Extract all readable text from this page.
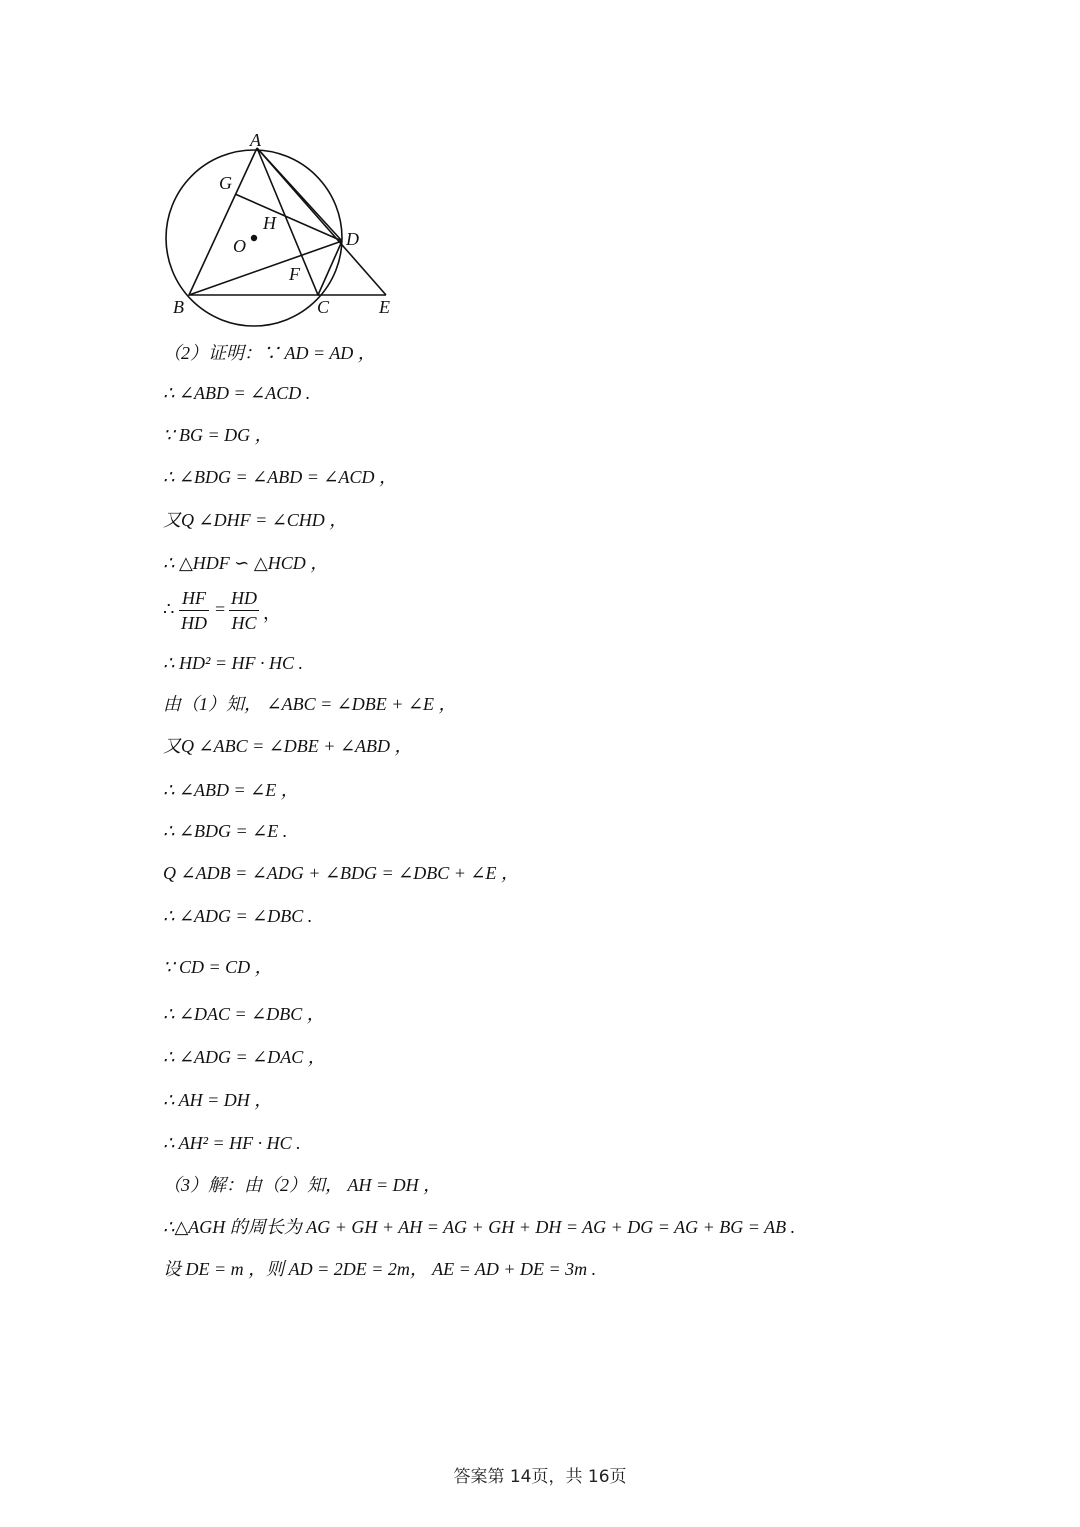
A
G
H
O	D
F
B	C	E
（2）证明：∵ AD = AD ，
∴ ∠ABD = ∠ACD .
∵ BG = DG ，
∴ ∠BDG = ∠ABD = ∠ACD ，
又Q ∠DHF = ∠CHD ，
∴ △HDF ∽ △HCD ，
∴ $\frac{HF}{HD} = \frac{HD}{HC}$ ，
∴ HD² = HF · HC .
由（1）知， ∠ABC = ∠DBE + ∠E ，
又Q ∠ABC = ∠DBE + ∠ABD ，
∴ ∠ABD = ∠E ，
∴ ∠BDG = ∠E .
Q ∠ADB = ∠ADG + ∠BDG = ∠DBC + ∠E ，
∴ ∠ADG = ∠DBC .
∵ CD = CD ，
∴ ∠DAC = ∠DBC ，
∴ ∠ADG = ∠DAC ，
∴ AH = DH ，
∴ AH² = HF · HC .
（3）解：由（2）知， AH = DH ，
∴△AGH 的周长为 AG + GH + AH = AG + GH + DH = AG + DG = AG + BG = AB .
设 DE = m ，则 AD = 2DE = 2m， AE = AD + DE = 3m .
答案第 14页，共 16页
